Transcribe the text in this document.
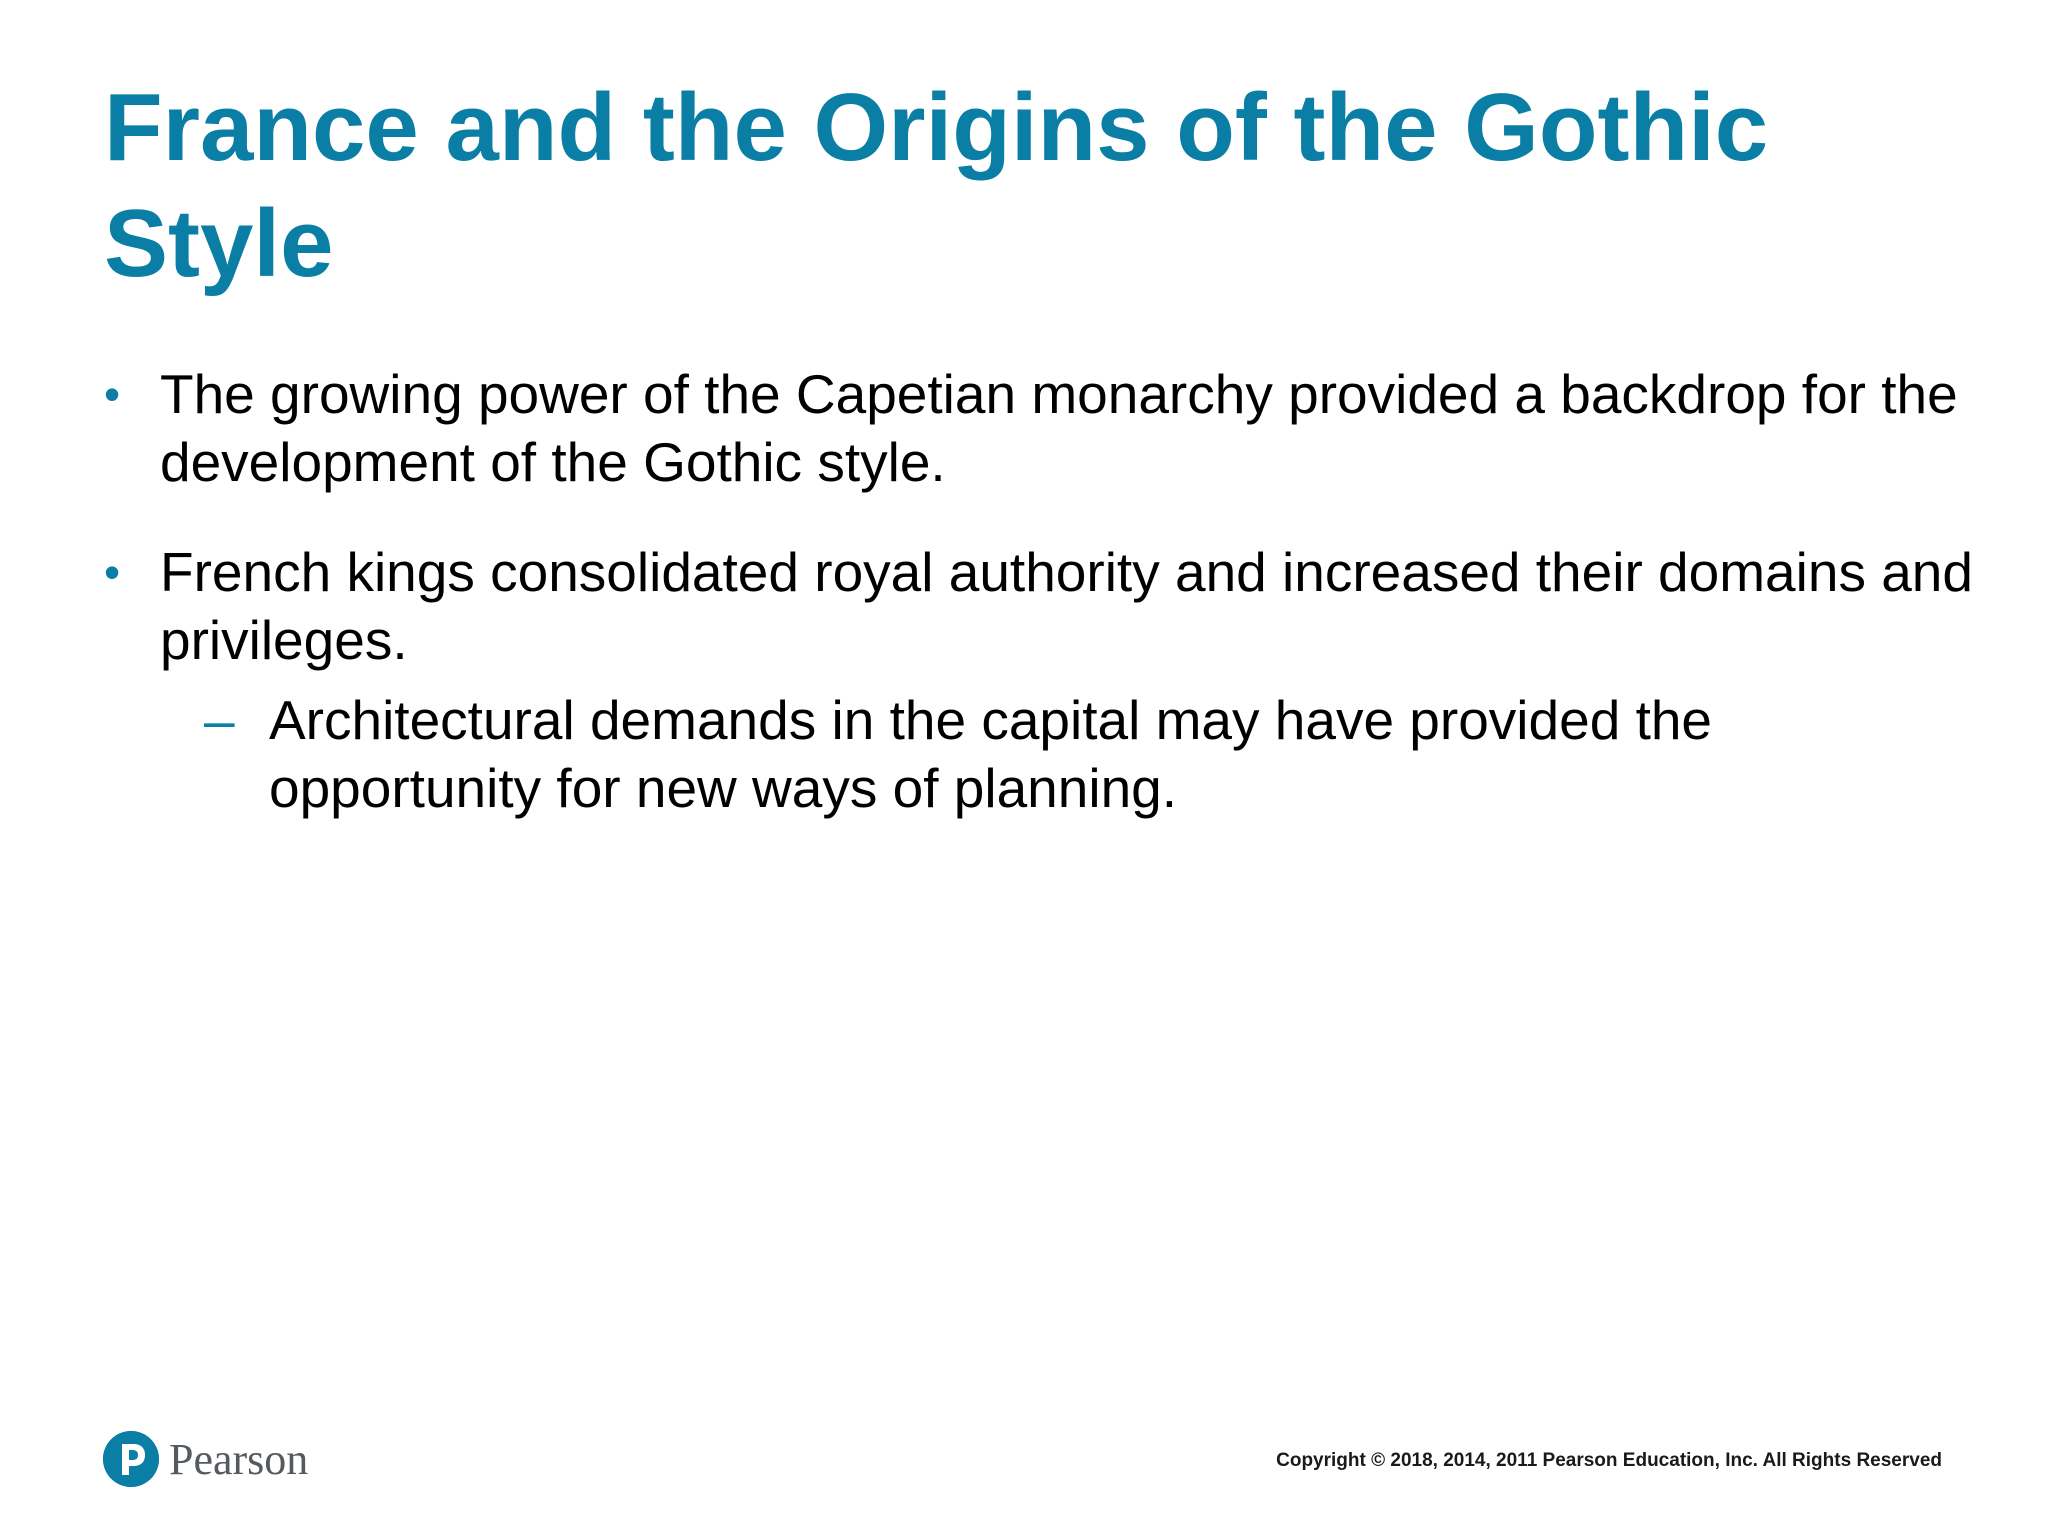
France and the Origins of the Gothic Style
• The growing power of the Capetian monarchy provided a backdrop for the development of the Gothic style.
• French kings consolidated royal authority and increased their domains and privileges.
– Architectural demands in the capital may have provided the opportunity for new ways of planning.
Pearson	Copyright © 2018, 2014, 2011 Pearson Education, Inc. All Rights Reserved
